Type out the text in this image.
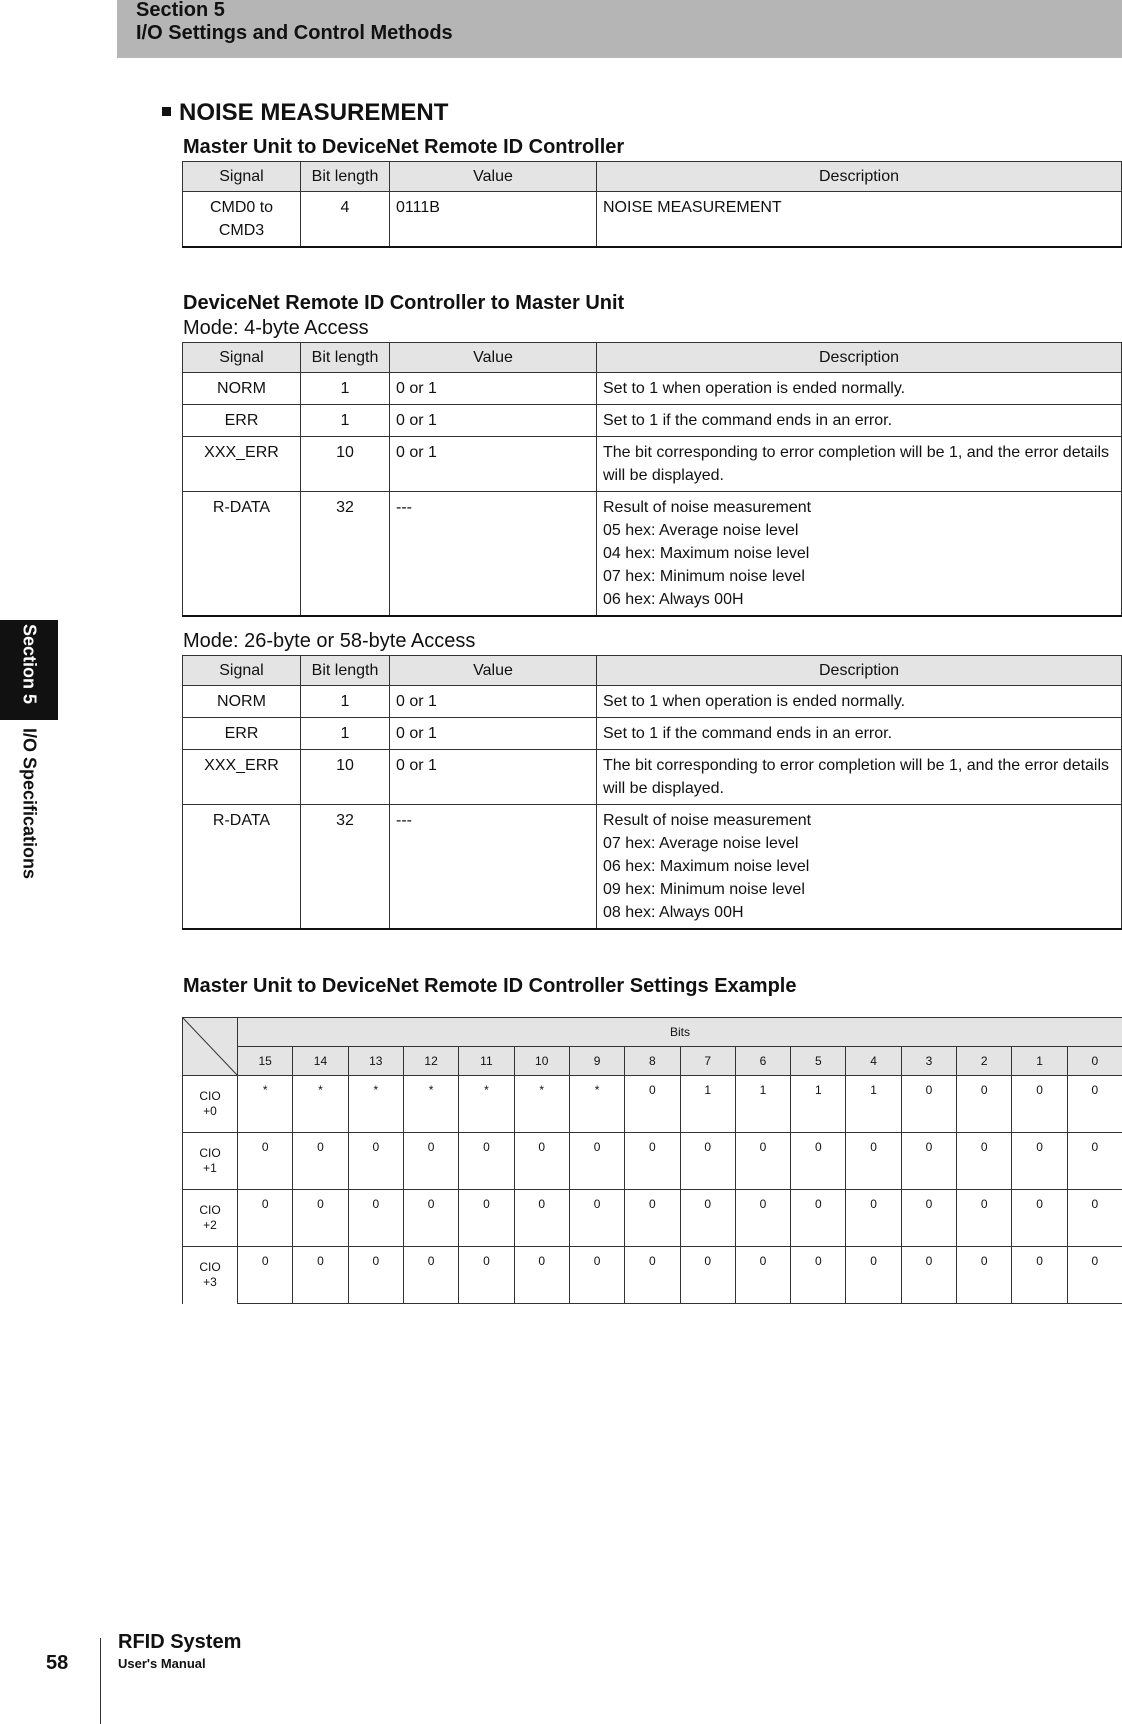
Section 5
I/O Settings and Control Methods
Section 5
I/O Specifications
NOISE MEASUREMENT
Master Unit to DeviceNet Remote ID Controller
Signal	Bit length	Value	Description
CMD0 to
CMD3	4	0111B	NOISE MEASUREMENT
DeviceNet Remote ID Controller to Master Unit
Mode: 4-byte Access
Signal	Bit length	Value	Description
NORM	1	0 or 1	Set to 1 when operation is ended normally.
ERR	1	0 or 1	Set to 1 if the command ends in an error.
XXX_ERR	10	0 or 1	The bit corresponding to error completion will be 1, and the error details will be displayed.
R-DATA	32	---	Result of noise measurement
05 hex: Average noise level
04 hex: Maximum noise level
07 hex: Minimum noise level
06 hex: Always 00H
Mode: 26-byte or 58-byte Access
Signal	Bit length	Value	Description
NORM	1	0 or 1	Set to 1 when operation is ended normally.
ERR	1	0 or 1	Set to 1 if the command ends in an error.
XXX_ERR	10	0 or 1	The bit corresponding to error completion will be 1, and the error details will be displayed.
R-DATA	32	---	Result of noise measurement
07 hex: Average noise level
06 hex: Maximum noise level
09 hex: Minimum noise level
08 hex: Always 00H
Master Unit to DeviceNet Remote ID Controller Settings Example
	Bits															
	15	14	13	12	11	10	9	8	7	6	5	4	3	2	1	0
CIO
+0	*	*	*	*	*	*	*	0	1	1	1	1	0	0	0	0

CIO
+1	0	0	0	0	0	0	0	0	0	0	0	0	0	0	0	0

CIO
+2	0	0	0	0	0	0	0	0	0	0	0	0	0	0	0	0

CIO
+3	0	0	0	0	0	0	0	0	0	0	0	0	0	0	0	0

58
RFID System
User's Manual
